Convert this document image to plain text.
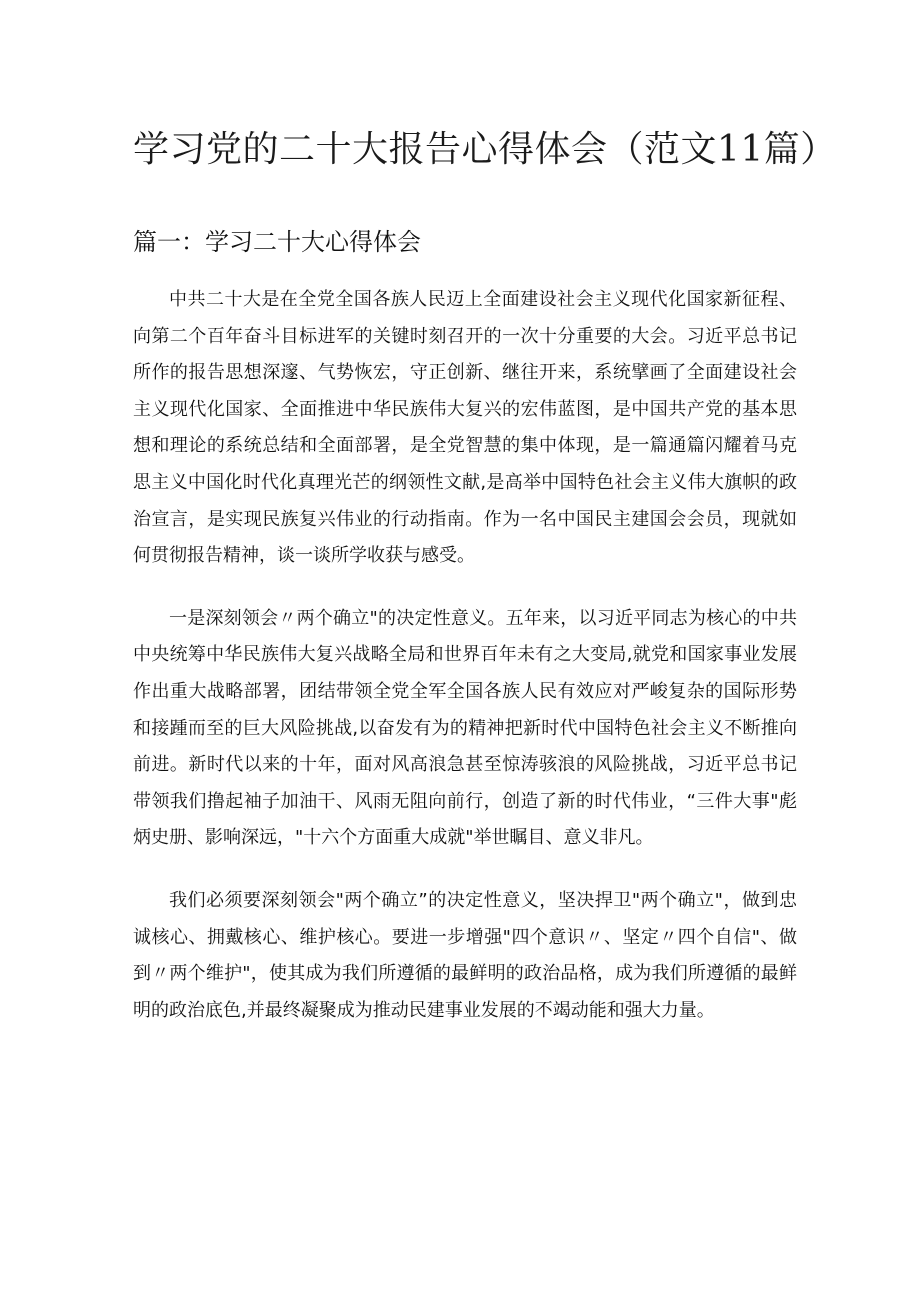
学习党的二十大报告心得体会（范文11篇）
篇一：学习二十大心得体会

中共二十大是在全党全国各族人民迈上全面建设社会主义现代化国家新征程、向第二个百年奋斗目标进军的关键时刻召开的一次十分重要的大会。习近平总书记所作的报告思想深邃、气势恢宏，守正创新、继往开来，系统擘画了全面建设社会主义现代化国家、全面推进中华民族伟大复兴的宏伟蓝图，是中国共产党的基本思想和理论的系统总结和全面部署，是全党智慧的集中体现，是一篇通篇闪耀着马克思主义中国化时代化真理光芒的纲领性文献,是高举中国特色社会主义伟大旗帜的政治宣言，是实现民族复兴伟业的行动指南。作为一名中国民主建国会会员，现就如何贯彻报告精神，谈一谈所学收获与感受。

一是深刻领会〃两个确立"的决定性意义。五年来，以习近平同志为核心的中共中央统筹中华民族伟大复兴战略全局和世界百年未有之大变局,就党和国家事业发展作出重大战略部署，团结带领全党全军全国各族人民有效应对严峻复杂的国际形势和接踵而至的巨大风险挑战,以奋发有为的精神把新时代中国特色社会主义不断推向前进。新时代以来的十年，面对风高浪急甚至惊涛骇浪的风险挑战，习近平总书记带领我们撸起袖子加油干、风雨无阻向前行，创造了新的时代伟业，“三件大事"彪炳史册、影响深远，"十六个方面重大成就"举世瞩目、意义非凡。

我们必须要深刻领会"两个确立”的决定性意义，坚决捍卫"两个确立"，做到忠诚核心、拥戴核心、维护核心。要进一步增强"四个意识〃、坚定〃四个自信"、做到〃两个维护"，使其成为我们所遵循的最鲜明的政治品格，成为我们所遵循的最鲜明的政治底色,并最终凝聚成为推动民建事业发展的不竭动能和强大力量。
